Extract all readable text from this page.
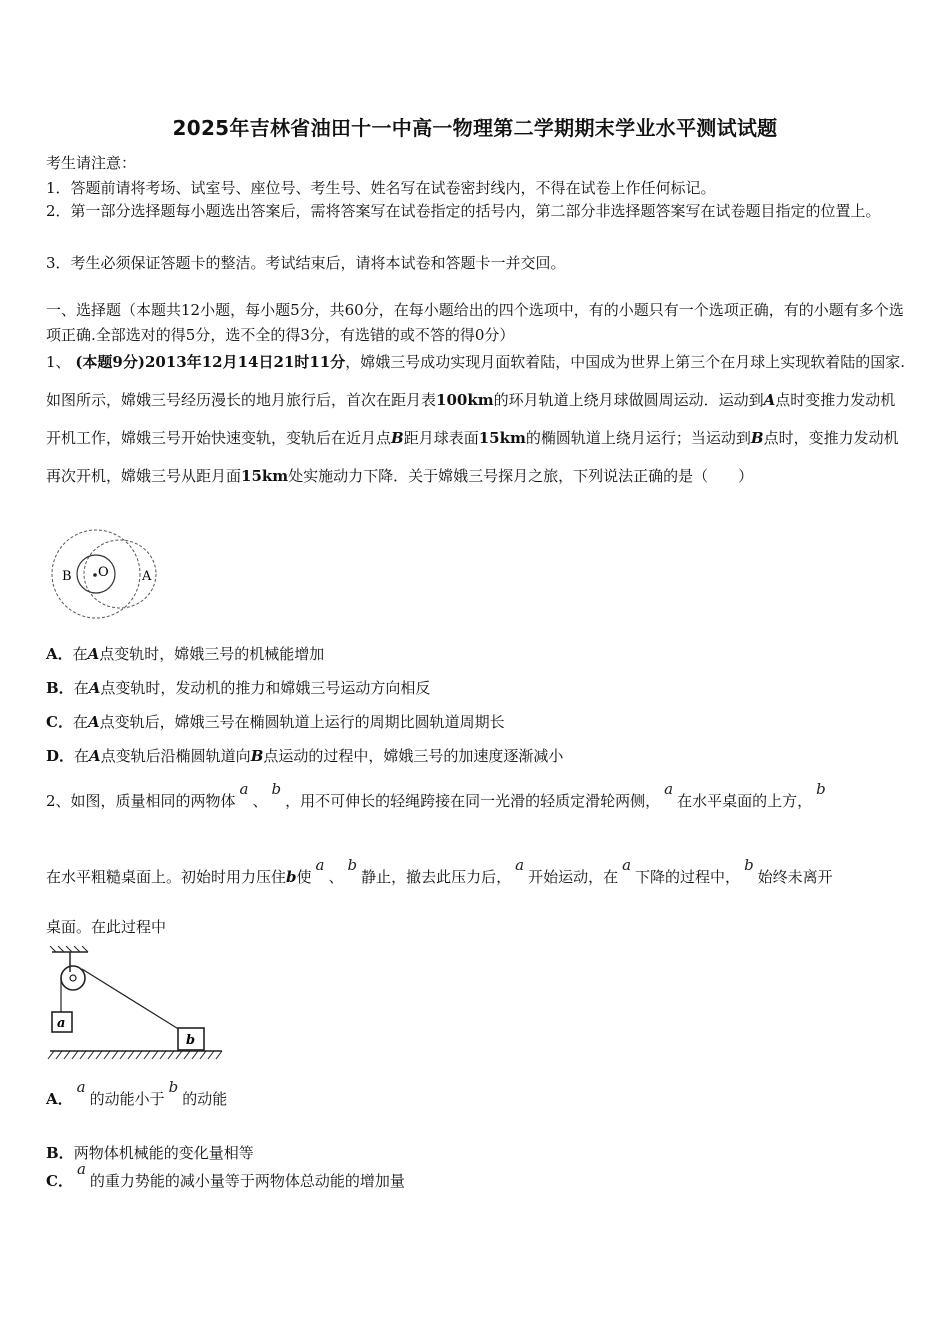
2025年吉林省油田十一中高一物理第二学期期末学业水平测试试题
考生请注意：
1．答题前请将考场、试室号、座位号、考生号、姓名写在试卷密封线内，不得在试卷上作任何标记。
2．第一部分选择题每小题选出答案后，需将答案写在试卷指定的括号内，第二部分非选择题答案写在试卷题目指定的位置上。
3．考生必须保证答题卡的整洁。考试结束后，请将本试卷和答题卡一并交回。
一、选择题（本题共12小题，每小题5分，共60分，在每小题给出的四个选项中，有的小题只有一个选项正确，有的小题有多个选项正确.全部选对的得5分，选不全的得3分，有选错的或不答的得0分）
1、 (本题9分)2013年12月14日21时11分，嫦娥三号成功实现月面软着陆，中国成为世界上第三个在月球上实现软着陆的国家.如图所示，嫦娥三号经历漫长的地月旅行后，首次在距月表100km的环月轨道上绕月球做圆周运动．运动到A点时变推力发动机开机工作，嫦娥三号开始快速变轨，变轨后在近月点B距月球表面15km的椭圆轨道上绕月运行；当运动到B点时，变推力发动机再次开机，嫦娥三号从距月面15km处实施动力下降．关于嫦娥三号探月之旅，下列说法正确的是（　　）
B O	A
A．在A点变轨时，嫦娥三号的机械能增加
B．在A点变轨时，发动机的推力和嫦娥三号运动方向相反
C．在A点变轨后，嫦娥三号在椭圆轨道上运行的周期比圆轨道周期长
D．在A点变轨后沿椭圆轨道向B点运动的过程中，嫦娥三号的加速度逐渐减小
2、如图，质量相同的两物体a、b，用不可伸长的轻绳跨接在同一光滑的轻质定滑轮两侧，a在水平桌面的上方，b
在水平粗糙桌面上。初始时用力压住b使a、b静止，撤去此压力后，a开始运动，在a下降的过程中，b始终未离开
桌面。在此过程中
a
b
A．a的动能小于b的动能
B．两物体机械能的变化量相等
C．a的重力势能的减小量等于两物体总动能的增加量
